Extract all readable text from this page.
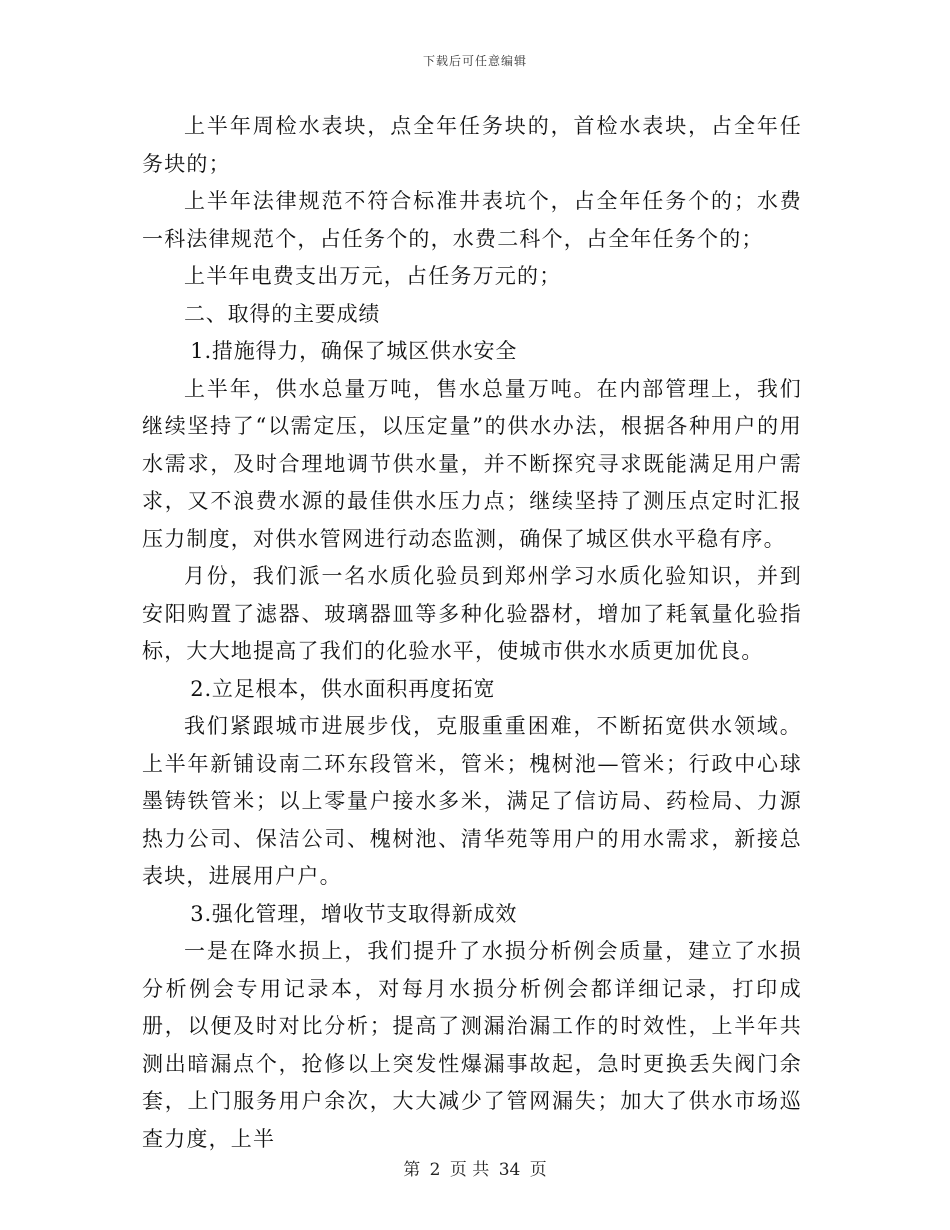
下载后可任意编辑

上半年周检水表块，点全年任务块的，首检水表块，占全年任务块的；

上半年法律规范不符合标准井表坑个，占全年任务个的；水费一科法律规范个，占任务个的，水费二科个，占全年任务个的；

上半年电费支出万元，占任务万元的；

二、取得的主要成绩

1.措施得力，确保了城区供水安全

上半年，供水总量万吨，售水总量万吨。在内部管理上，我们继续坚持了“以需定压，以压定量”的供水办法，根据各种用户的用水需求，及时合理地调节供水量，并不断探究寻求既能满足用户需求，又不浪费水源的最佳供水压力点；继续坚持了测压点定时汇报压力制度，对供水管网进行动态监测，确保了城区供水平稳有序。

月份，我们派一名水质化验员到郑州学习水质化验知识，并到安阳购置了滤器、玻璃器皿等多种化验器材，增加了耗氧量化验指标，大大地提高了我们的化验水平，使城市供水水质更加优良。

2.立足根本，供水面积再度拓宽

我们紧跟城市进展步伐，克服重重困难，不断拓宽供水领域。上半年新铺设南二环东段管米，管米；槐树池—管米；行政中心球墨铸铁管米；以上零量户接水多米，满足了信访局、药检局、力源热力公司、保洁公司、槐树池、清华苑等用户的用水需求，新接总表块，进展用户户。

3.强化管理，增收节支取得新成效

一是在降水损上，我们提升了水损分析例会质量，建立了水损分析例会专用记录本，对每月水损分析例会都详细记录，打印成册，以便及时对比分析；提高了测漏治漏工作的时效性，上半年共测出暗漏点个，抢修以上突发性爆漏事故起，急时更换丢失阀门余套，上门服务用户余次，大大减少了管网漏失；加大了供水市场巡查力度，上半

第 2 页 共 34 页
